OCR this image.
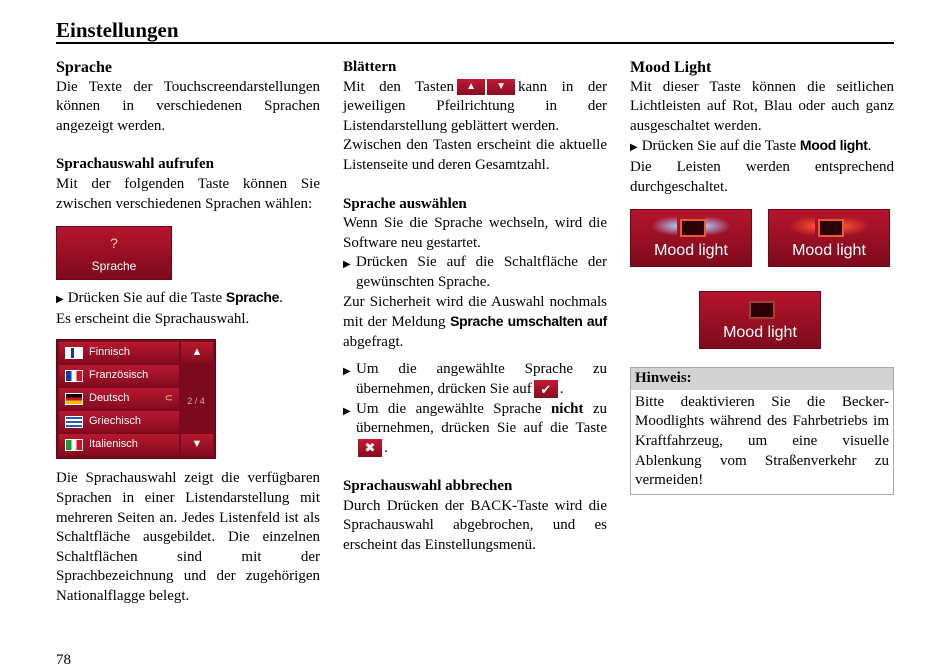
Einstellungen
Sprache

Die Texte der Touchscreendarstellungen können in verschiedenen Sprachen angezeigt werden.

Sprachauswahl aufrufen

Mit der folgenden Taste können Sie zwischen verschiedenen Sprachen wählen:

?
Sprache

▶ Drücken Sie auf die Taste Sprache.

Es erscheint die Sprachauswahl.

Finnisch
Französisch
Deutsch	⊂
Griechisch
Italienisch
▲
2 / 4
▼

Die Sprachauswahl zeigt die verfügbaren Sprachen in einer Listendarstellung mit mehreren Seiten an. Jedes Listenfeld ist als Schaltfläche ausgebildet. Die einzelnen Schaltflächen sind mit der Sprachbezeichnung und der zugehörigen Nationalflagge belegt.

Blättern

Mit den Tasten	▲	▼ kann in der jeweiligen Pfeilrichtung in der Listendarstellung geblättert werden.

Zwischen den Tasten erscheint die aktuelle Listenseite und deren Gesamtzahl.

Sprache auswählen

Wenn Sie die Sprache wechseln, wird die Software neu gestartet.

▶ Drücken Sie auf die Schaltfläche der gewünschten Sprache.

Zur Sicherheit wird die Auswahl nochmals mit der Meldung Sprache umschalten auf abgefragt.

▶ Um die angewählte Sprache zu übernehmen, drücken Sie auf ✔ .
▶ Um die angewählte Sprache nicht zu übernehmen, drücken Sie auf die Taste✖ .
Sprachauswahl abbrechen

Durch Drücken der BACK-Taste wird die Sprachauswahl abgebrochen, und es erscheint das Einstellungsmenü.

Mood Light

Mit dieser Taste können die seitlichen Lichtleisten auf Rot, Blau oder auch ganz ausgeschaltet werden.

▶ Drücken Sie auf die Taste Mood light.

Die Leisten werden entsprechend durchgeschaltet.

Mood light	Mood light
Mood light
Hinweis:
Bitte deaktivieren Sie die Becker-Moodlights während des Fahrbetriebs im Kraftfahrzeug, um eine visuelle Ablenkung vom Straßenverkehr zu vermeiden!
78
